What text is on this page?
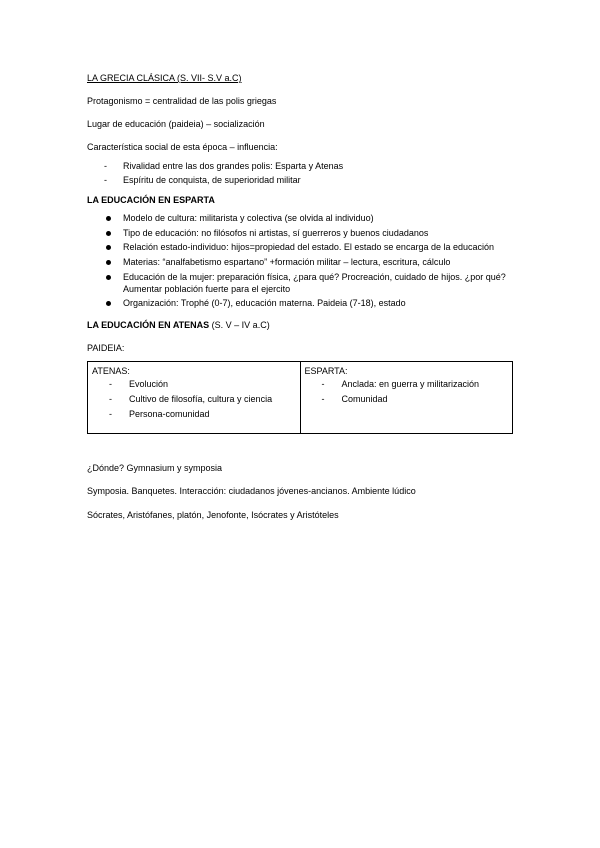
LA GRECIA CLÁSICA (S. VII- S.V a.C)

Protagonismo = centralidad de las polis griegas

Lugar de educación (paideia) – socialización

Característica social de esta época – influencia:

- Rivalidad entre las dos grandes polis: Esparta y Atenas
- Espíritu de conquista, de superioridad militar

LA EDUCACIÓN EN ESPARTA

Modelo de cultura: militarista y colectiva (se olvida al individuo)
Tipo de educación: no filósofos ni artistas, sí guerreros y buenos ciudadanos
Relación estado-individuo: hijos=propiedad del estado. El estado se encarga de la educación
Materias: “analfabetismo espartano” +formación militar – lectura, escritura, cálculo
Educación de la mujer: preparación física, ¿para qué? Procreación, cuidado de hijos. ¿por qué? Aumentar población fuerte para el ejercito
Organización: Trophé (0-7), educación materna. Paideia (7-18), estado

LA EDUCACIÓN EN ATENAS (S. V – IV a.C)

PAIDEIA:

ATENAS:
- Evolución
- Cultivo de filosofía, cultura y ciencia
- Persona-comunidad

ESPARTA:
- Anclada: en guerra y militarización
- Comunidad

¿Dónde? Gymnasium y symposia

Symposia. Banquetes. Interacción: ciudadanos jóvenes-ancianos. Ambiente lúdico

Sócrates, Aristófanes, platón, Jenofonte, Isócrates y Aristóteles
